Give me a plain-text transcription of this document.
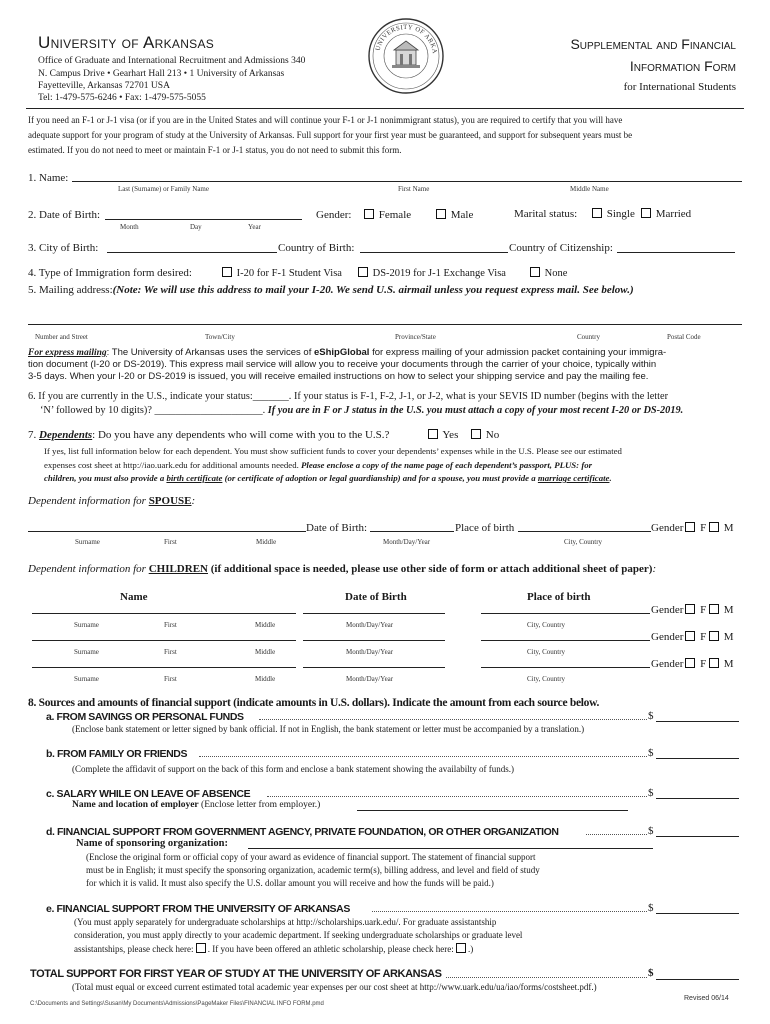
University of Arkansas
Office of Graduate and International Recruitment and Admissions 340
N. Campus Drive • Gearhart Hall 213 • 1 University of Arkansas
Fayetteville, Arkansas 72701 USA
Tel: 1-479-575-6246 • Fax: 1-479-575-5055
UNIVERSITY OF ARKA	Supplemental and Financial
Information Form
for International Students
If you need an F-1 or J-1 visa (or if you are in the United States and will continue your F-1 or J-1 nonimmigrant status), you are required to certify that you will have
adequate support for your program of study at the University of Arkansas. Full support for your first year must be guaranteed, and support for subsequent years must be
estimated. If you do not need to meet or maintain F-1 or J-1 status, you do not need to submit this form.
1. Name:
Last (Surname) or Family Name	First Name	Middle Name
2. Date of Birth:
Month	Day	Year
Gender:	Female	Male	Marital status:	Single	Married
3. City of Birth:	Country of Birth:	Country of Citizenship:
4. Type of Immigration form desired:	I-20 for F-1 Student Visa	DS-2019 for J-1 Exchange Visa	None
5. Mailing address:(Note: We will use this address to mail your I-20. We send U.S. airmail unless you request express mail. See below.)
Number and Street	Town/City	Province/State	Country	Postal Code
For express mailing: The University of Arkansas uses the services of eShipGlobal for express mailing of your admission packet containing your immigra-
tion document (I-20 or DS-2019). This express mail service will allow you to receive your documents through the carrier of your choice, typically within
3-5 days. When your I-20 or DS-2019 is issued, you will receive emailed instructions on how to select your shipping service and pay the mailing fee.
6. If you are currently in the U.S., indicate your status:_______. If your status is F-1, F-2, J-1, or J-2, what is your SEVIS ID number (begins with the letter
‘N’ followed by 10 digits)? _____________________. If you are in F or J status in the U.S. you must attach a copy of your most recent I-20 or DS-2019.
7. Dependents: Do you have any dependents who will come with you to the U.S.?	Yes	No
If yes, list full information below for each dependent. You must show sufficient funds to cover your dependents’ expenses while in the U.S. Please see our estimated
expenses cost sheet at http://iao.uark.edu for additional amounts needed. Please enclose a copy of the name page of each dependent’s passport, PLUS: for
children, you must also provide a birth certificate (or certificate of adoption or legal guardianship) and for a spouse, you must provide a marriage certificate.
Dependent information for SPOUSE:
Date of Birth:	Place of birth	Gender F M
Surname	First	Middle	Month/Day/Year	City, Country
Dependent information for CHILDREN (if additional space is needed, please use other side of form or attach additional sheet of paper):
Name	Date of Birth	Place of birth
Gender F M
Surname	First	Middle	Month/Day/Year	City, Country
Gender F M
Surname	First	Middle	Month/Day/Year	City, Country
Gender F M
Surname	First	Middle	Month/Day/Year	City, Country
8. Sources and amounts of financial support (indicate amounts in U.S. dollars). Indicate the amount from each source below.
a. FROM SAVINGS OR PERSONAL FUNDS	$
(Enclose bank statement or letter signed by bank official. If not in English, the bank statement or letter must be accompanied by a translation.)
b. FROM FAMILY OR FRIENDS	$
(Complete the affidavit of support on the back of this form and enclose a bank statement showing the availabilty of funds.)
c. SALARY WHILE ON LEAVE OF ABSENCE	$
Name and location of employer (Enclose letter from employer.)
d. FINANCIAL SUPPORT FROM GOVERNMENT AGENCY, PRIVATE FOUNDATION, OR OTHER ORGANIZATION	$
Name of sponsoring organization:
(Enclose the original form or official copy of your award as evidence of financial support. The statement of financial support
must be in English; it must specify the sponsoring organization, academic term(s), billing address, and level and field of study
for which it is valid. It must also specify the U.S. dollar amount you will receive and how the funds will be paid.)
e. FINANCIAL SUPPORT FROM THE UNIVERSITY OF ARKANSAS	$
(You must apply separately for undergraduate scholarships at http://scholarships.uark.edu/. For graduate assistantship
consideration, you must apply directly to your academic department. If seeking undergraduate scholarships or graduate level
assistantships, please check here: . If you have been offered an athletic scholarship, please check here: .)
TOTAL SUPPORT FOR FIRST YEAR OF STUDY AT THE UNIVERSITY OF ARKANSAS	$
(Total must equal or exceed current estimated total academic year expenses per our cost sheet at http://www.uark.edu/ua/iao/forms/costsheet.pdf.)
C:\Documents and Settings\Susan\My Documents\Admissions\PageMaker Files\FINANCIAL INFO FORM.pmd
Revised 06/14
